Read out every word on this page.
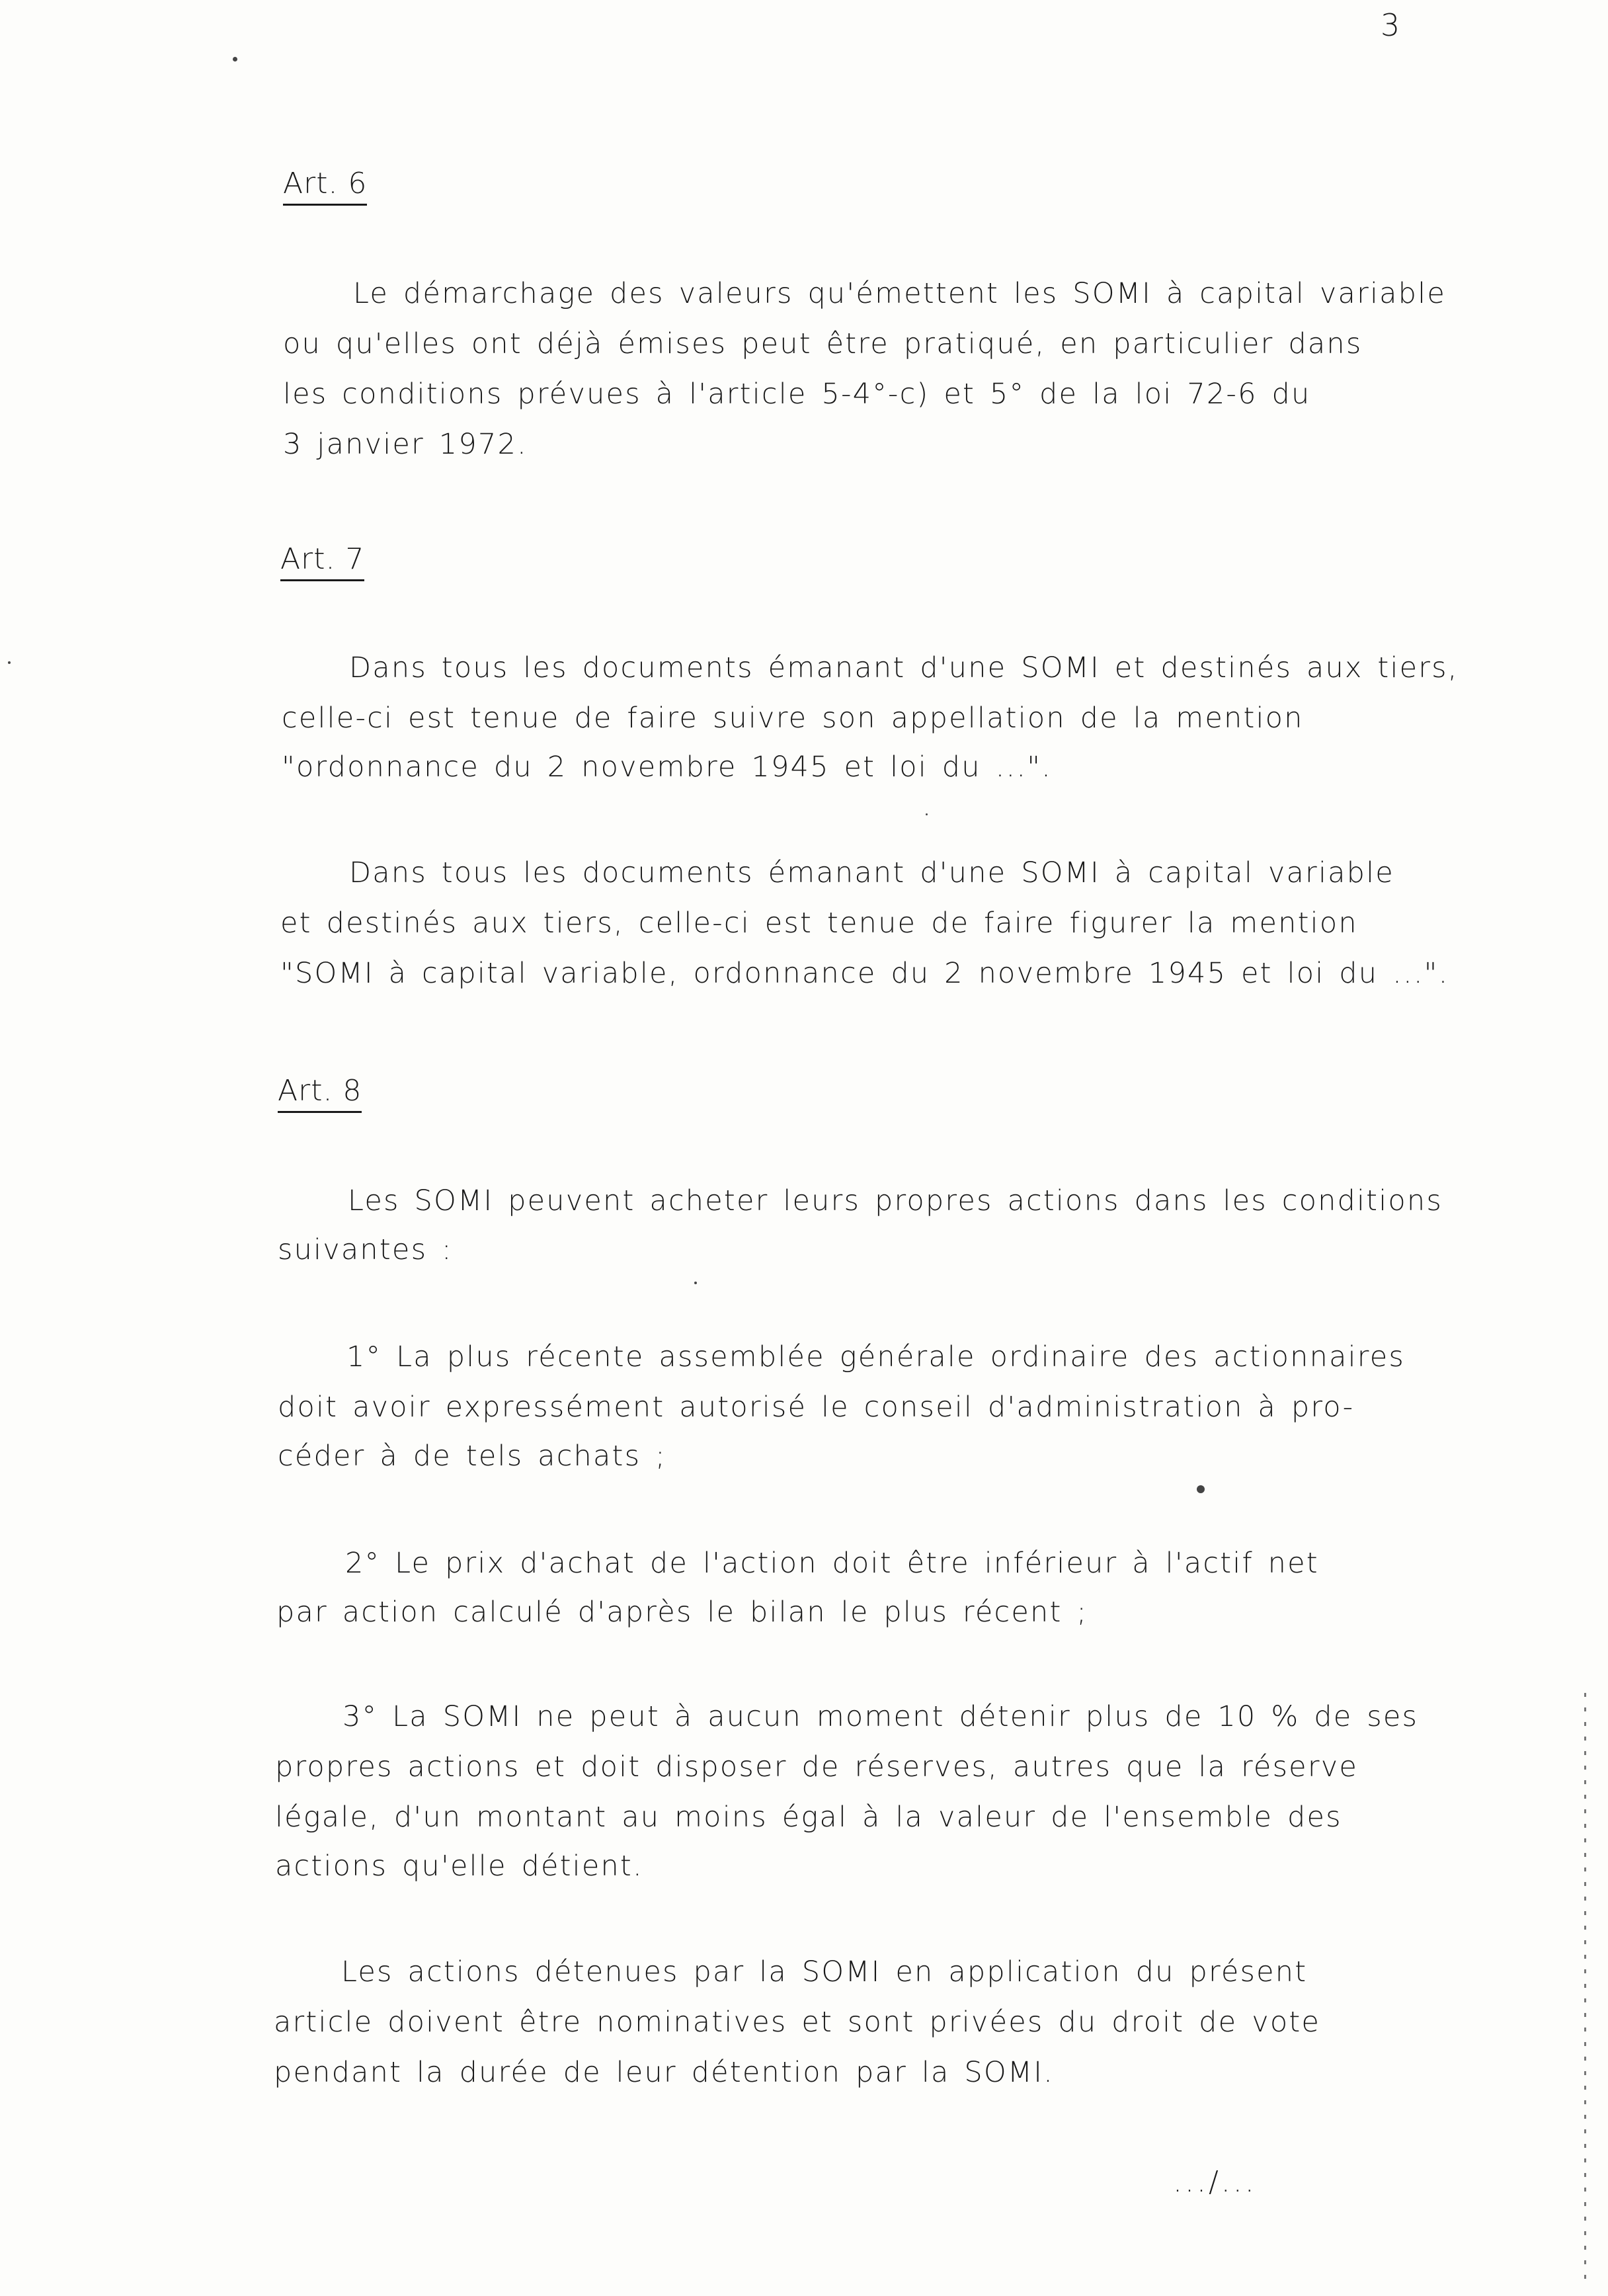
3
Art. 6
Le démarchage des valeurs qu'émettent les SOMI à capital variable
ou qu'elles ont déjà émises peut être pratiqué, en particulier dans
les conditions prévues à l'article 5-4°-c) et 5° de la loi 72-6 du
3 janvier 1972.
Art. 7
Dans tous les documents émanant d'une SOMI et destinés aux tiers,
celle-ci est tenue de faire suivre son appellation de la mention
"ordonnance du 2 novembre 1945 et loi du ...".
Dans tous les documents émanant d'une SOMI à capital variable
et destinés aux tiers, celle-ci est tenue de faire figurer la mention
"SOMI à capital variable, ordonnance du 2 novembre 1945 et loi du ...".
Art. 8
Les SOMI peuvent acheter leurs propres actions dans les conditions
suivantes :
1° La plus récente assemblée générale ordinaire des actionnaires
doit avoir expressément autorisé le conseil d'administration à pro-
céder à de tels achats ;
2° Le prix d'achat de l'action doit être inférieur à l'actif net
par action calculé d'après le bilan le plus récent ;
3° La SOMI ne peut à aucun moment détenir plus de 10 % de ses
propres actions et doit disposer de réserves, autres que la réserve
légale, d'un montant au moins égal à la valeur de l'ensemble des
actions qu'elle détient.
Les actions détenues par la SOMI en application du présent
article doivent être nominatives et sont privées du droit de vote
pendant la durée de leur détention par la SOMI.
.../...
